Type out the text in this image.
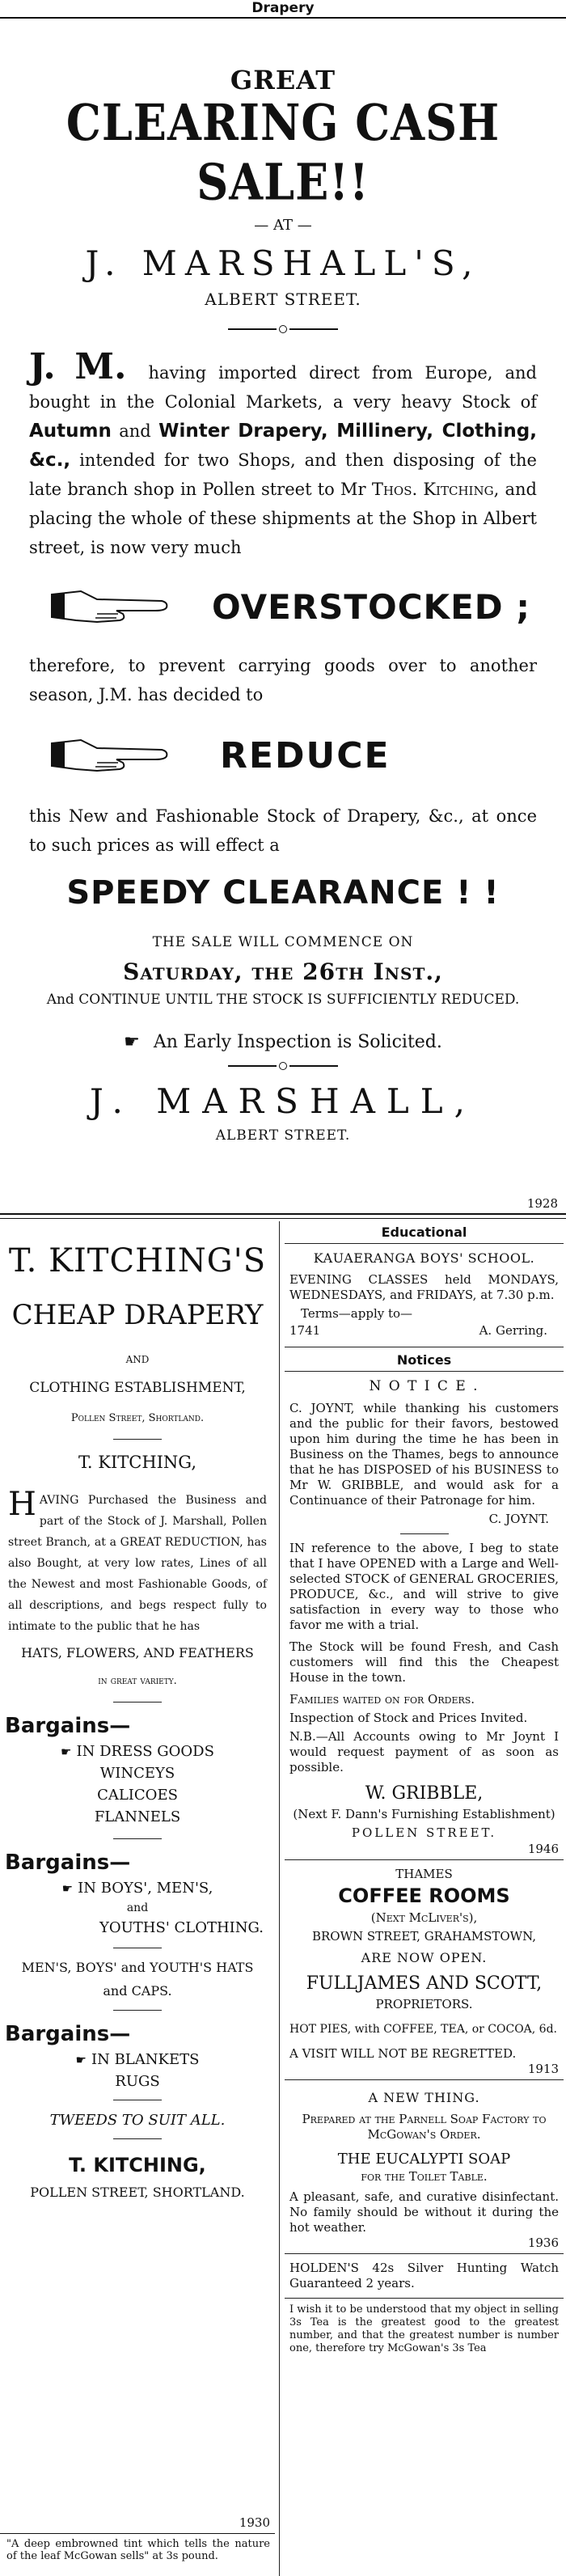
Drapery
GREAT
CLEARING CASH SALE!!
— AT —
J. MARSHALL'S,
ALBERT STREET.
J. M. having imported direct from Europe, and bought in the Colonial Markets, a very heavy Stock of Autumn and Winter Drapery, Millinery, Clothing, &c., intended for two Shops, and then disposing of the late branch shop in Pollen street to Mr Thos. Kitching, and placing the whole of these shipments at the Shop in Albert street, is now very much
OVERSTOCKED ;
therefore, to prevent carrying goods over to another season, J.M. has decided to
REDUCE
this New and Fashionable Stock of Drapery, &c., at once to such prices as will effect a
SPEEDY CLEARANCE ! !
THE SALE WILL COMMENCE ON
Saturday, the 26th Inst.,
And CONTINUE UNTIL THE STOCK IS SUFFICIENTLY REDUCED.
☛ An Early Inspection is Solicited.
J. MARSHALL,
ALBERT STREET.
1928
T. KITCHING'S
CHEAP DRAPERY
AND
CLOTHING ESTABLISHMENT,
Pollen Street, Shortland.
T. KITCHING,
H AVING Purchased the Business and part of the Stock of J. Marshall, Pollen street Branch, at a GREAT REDUCTION, has also Bought, at very low rates, Lines of all the Newest and most Fashionable Goods, of all descriptions, and begs respect fully to intimate to the public that he has
HATS, FLOWERS, AND FEATHERS
in great variety.
Bargains—
☛ IN DRESS GOODS
WINCEYS
CALICOES
FLANNELS
Bargains—
☛ IN BOYS', MEN'S,
and
YOUTHS' CLOTHING.
MEN'S, BOYS' and YOUTH'S HATS
and CAPS.
Bargains—
☛ IN BLANKETS
RUGS
TWEEDS TO SUIT ALL.
T. KITCHING,
POLLEN STREET, SHORTLAND.
1930
"A deep embrowned tint which tells the nature of the leaf McGowan sells" at 3s pound.
Educational
KAUAERANGA BOYS' SCHOOL.
EVENING CLASSES held MONDAYS, WEDNESDAYS, and FRIDAYS, at 7.30 p.m.
Terms—apply to—
1741	A. Gerring.
Notices
N O T I C E .
C. JOYNT, while thanking his customers and the public for their favors, bestowed upon him during the time he has been in Business on the Thames, begs to announce that he has DISPOSED of his BUSINESS to Mr W. GRIBBLE, and would ask for a Continuance of their Patronage for him.
C. JOYNT.
IN reference to the above, I beg to state that I have OPENED with a Large and Well-selected STOCK of GENERAL GROCERIES, PRODUCE, &c., and will strive to give satisfaction in every way to those who favor me with a trial.
The Stock will be found Fresh, and Cash customers will find this the Cheapest House in the town.
Families waited on for Orders.
Inspection of Stock and Prices Invited.
N.B.—All Accounts owing to Mr Joynt I would request payment of as soon as possible.
W. GRIBBLE,
(Next F. Dann's Furnishing Establishment)
POLLEN STREET.
1946
THAMES
COFFEE ROOMS
(Next McLiver's),
BROWN STREET, GRAHAMSTOWN,
ARE NOW OPEN.
FULLJAMES AND SCOTT,
PROPRIETORS.
HOT PIES, with COFFEE, TEA, or COCOA, 6d.
A VISIT WILL NOT BE REGRETTED.
1913
A NEW THING.
Prepared at the Parnell Soap Factory to McGowan's Order.
THE EUCALYPTI SOAP
for the Toilet Table.
A pleasant, safe, and curative disinfectant. No family should be without it during the hot weather.
1936
HOLDEN'S 42s Silver Hunting Watch Guaranteed 2 years.
I wish it to be understood that my object in selling 3s Tea is the greatest good to the greatest number, and that the greatest number is number one, therefore try McGowan's 3s Tea
